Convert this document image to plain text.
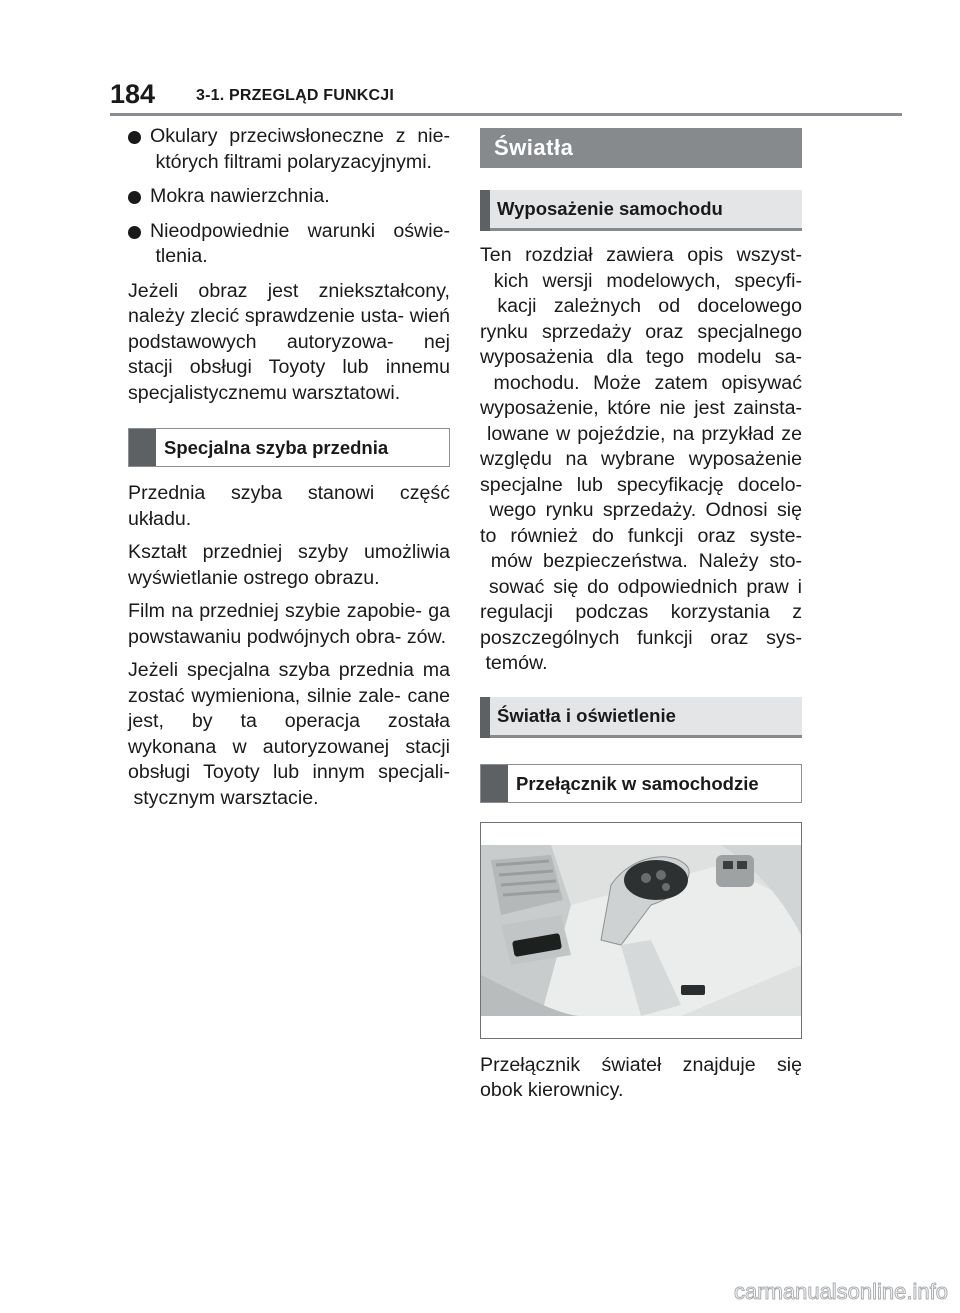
184	3-1. PRZEGLĄD FUNKCJI
Okulary przeciwsłoneczne z nie- których filtrami polaryzacyjnymi.
Mokra nawierzchnia.
Nieodpowiednie warunki oświe- tlenia.

Jeżeli obraz jest zniekształcony, należy zlecić sprawdzenie usta- wień podstawowych autoryzowa- nej stacji obsługi Toyoty lub innemu specjalistycznemu warsztatowi.

Specjalna szyba przednia

Przednia szyba stanowi część układu.

Kształt przedniej szyby umożliwia wyświetlanie ostrego obrazu.

Film na przedniej szybie zapobie- ga powstawaniu podwójnych obra- zów.

Jeżeli specjalna szyba przednia ma zostać wymieniona, silnie zale- cane jest, by ta operacja została wykonana w autoryzowanej stacji obsługi Toyoty lub innym specjali- stycznym warsztacie.

Światła
Wyposażenie samochodu

Ten rozdział zawiera opis wszyst- kich wersji modelowych, specyfi- kacji zależnych od docelowego rynku sprzedaży oraz specjalnego wyposażenia dla tego modelu sa- mochodu. Może zatem opisywać wyposażenie, które nie jest zainsta- lowane w pojeździe, na przykład ze względu na wybrane wyposażenie specjalne lub specyfikację docelo- wego rynku sprzedaży. Odnosi się to również do funkcji oraz syste- mów bezpieczeństwa. Należy sto- sować się do odpowiednich praw i regulacji podczas korzystania z poszczególnych funkcji oraz sys- temów.

Światła i oświetlenie
Przełącznik w samochodzie

Przełącznik świateł znajduje się obok kierownicy.

carmanualsonline.info
